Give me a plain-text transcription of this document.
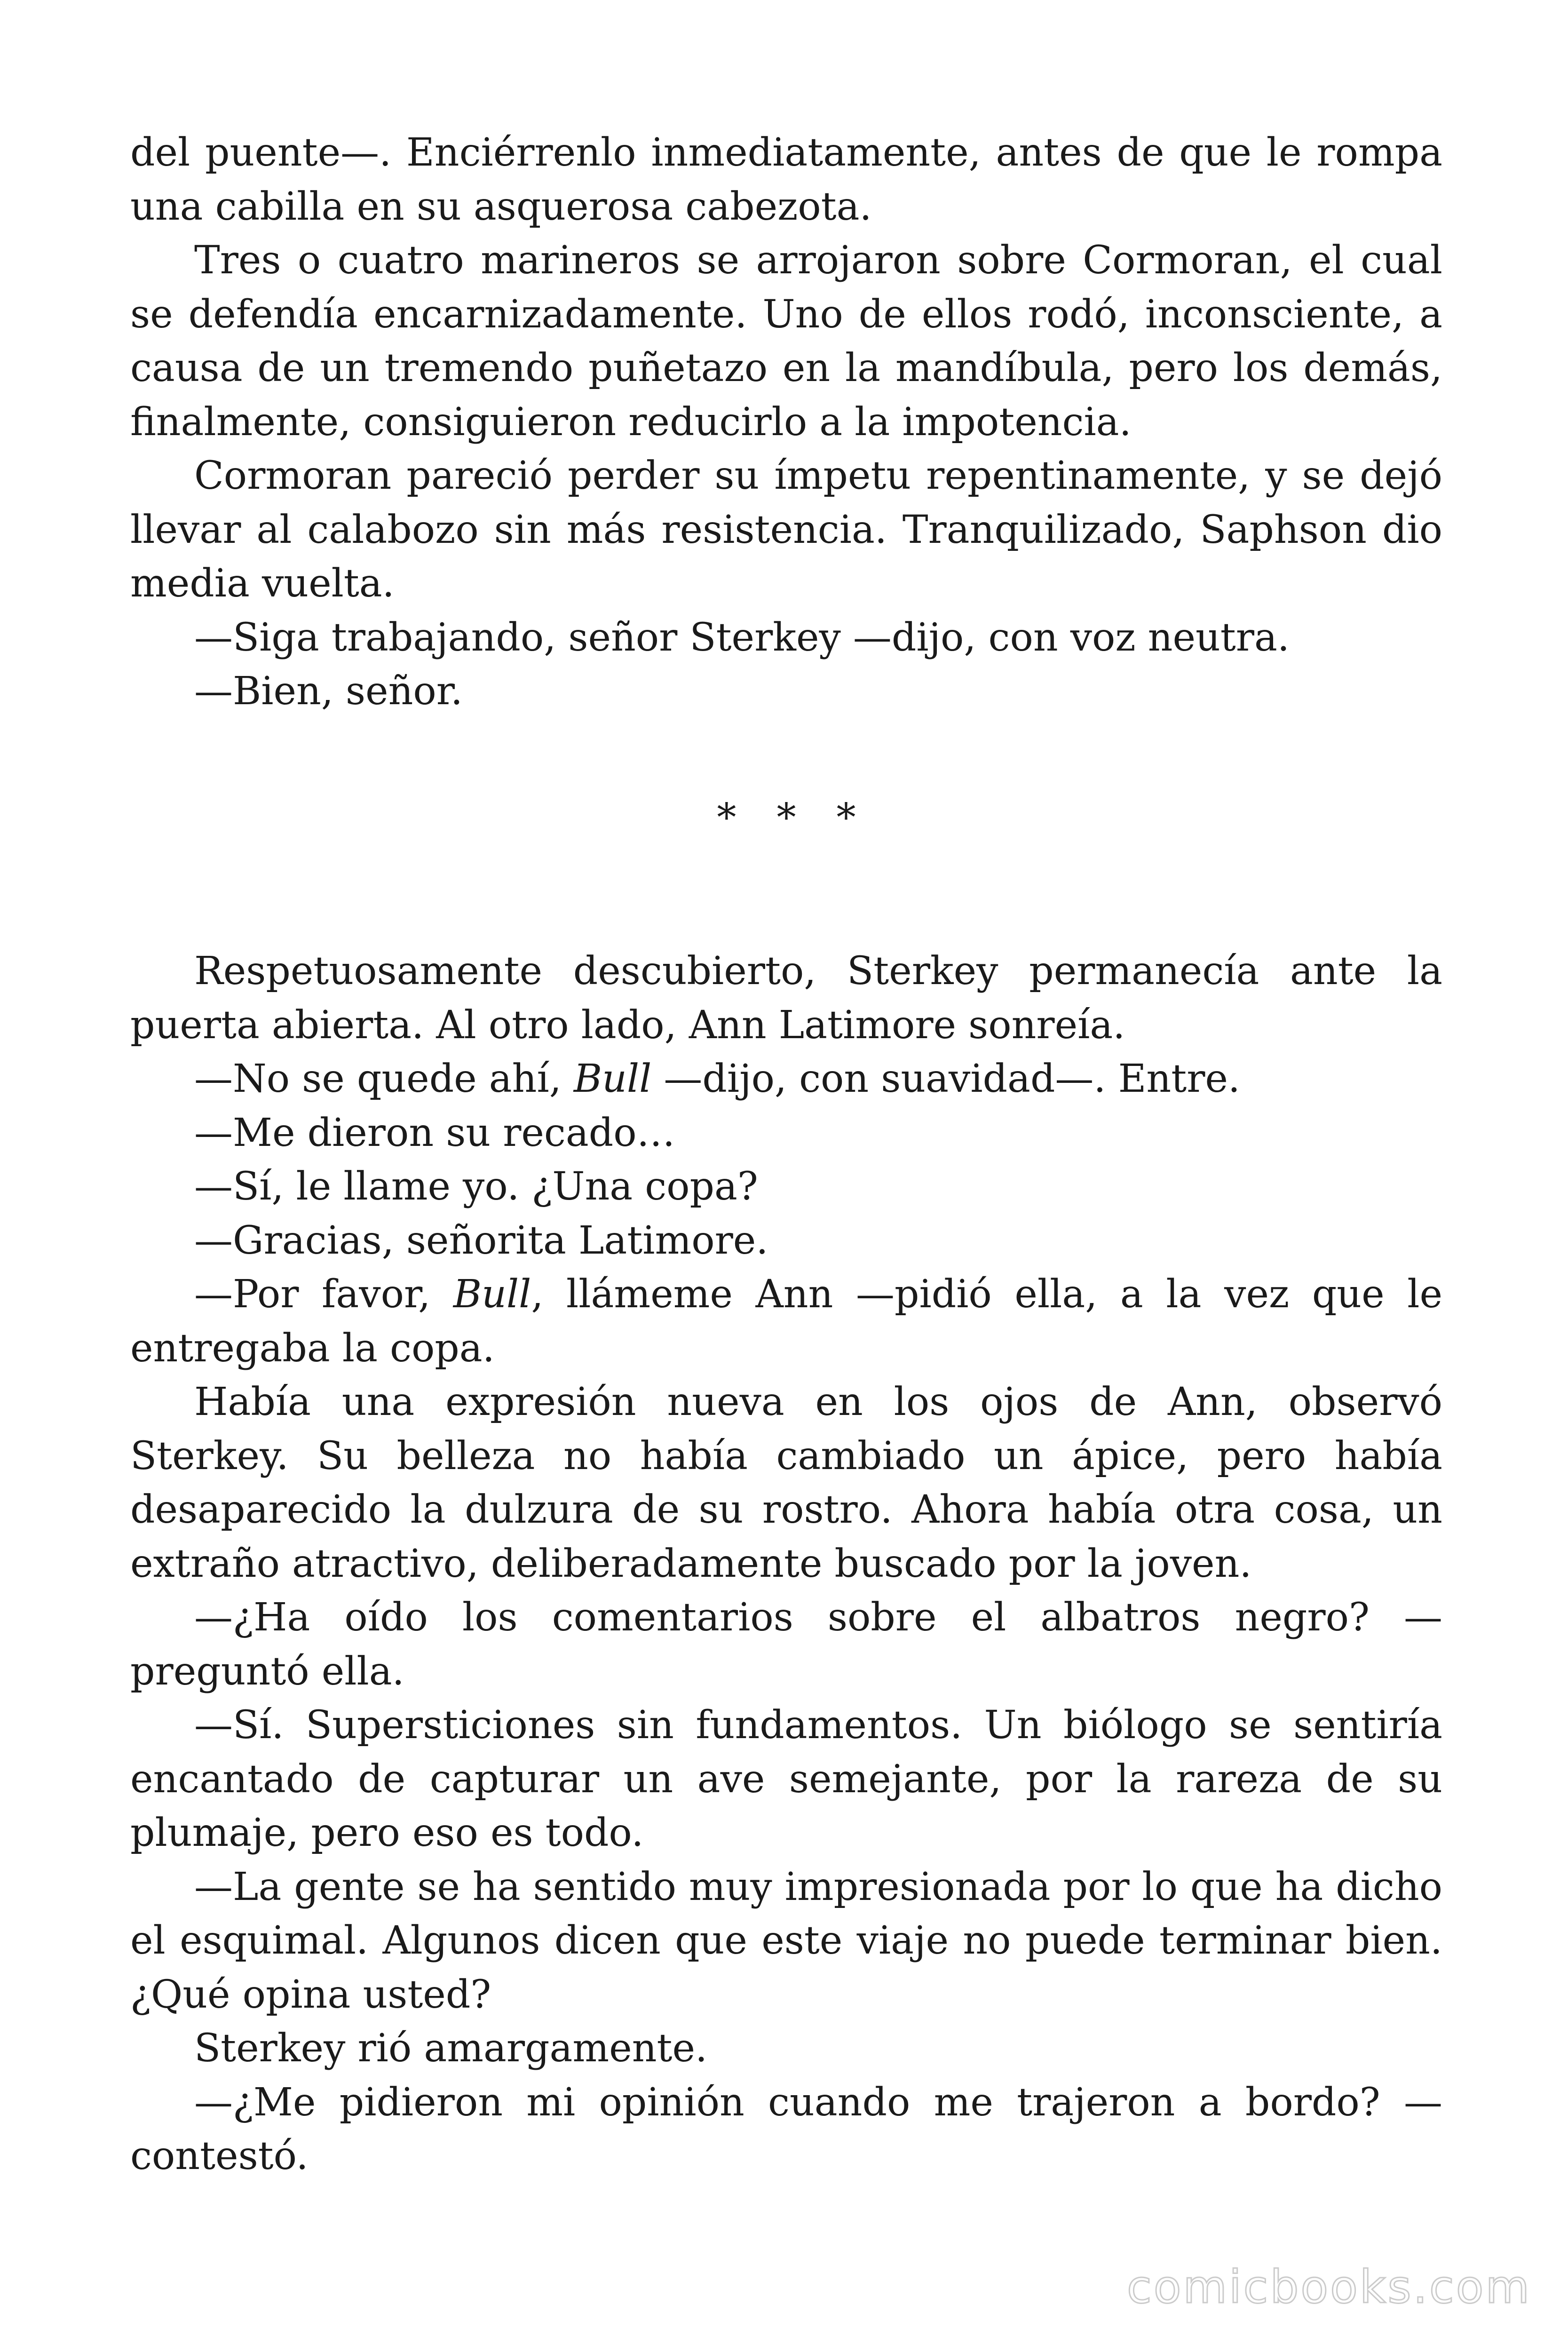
del puente—. Enciérrenlo inmediatamente, antes de que le rompa una cabilla en su asquerosa cabezota.

Tres o cuatro marineros se arrojaron sobre Cormoran, el cual se defendía encarnizadamente. Uno de ellos rodó, inconsciente, a causa de un tremendo puñetazo en la mandíbula, pero los demás, finalmente, consiguieron reducirlo a la impotencia.

Cormoran pareció perder su ímpetu repentinamente, y se dejó llevar al calabozo sin más resistencia. Tranquilizado, Saphson dio media vuelta.

—Siga trabajando, señor Sterkey —dijo, con voz neutra.

—Bien, señor.

* * *

Respetuosamente descubierto, Sterkey permanecía ante la puerta abierta. Al otro lado, Ann Latimore sonreía.

—No se quede ahí, Bull —dijo, con suavidad—. Entre.

—Me dieron su recado…

—Sí, le llame yo. ¿Una copa?

—Gracias, señorita Latimore.

—Por favor, Bull, llámeme Ann —pidió ella, a la vez que le entregaba la copa.

Había una expresión nueva en los ojos de Ann, observó Sterkey. Su belleza no había cambiado un ápice, pero había desaparecido la dulzura de su rostro. Ahora había otra cosa, un extraño atractivo, deliberadamente buscado por la joven.

—¿Ha oído los comentarios sobre el albatros negro? —preguntó ella.

—Sí. Supersticiones sin fundamentos. Un biólogo se sentiría encantado de capturar un ave semejante, por la rareza de su plumaje, pero eso es todo.

—La gente se ha sentido muy impresionada por lo que ha dicho el esquimal. Algunos dicen que este viaje no puede terminar bien. ¿Qué opina usted?

Sterkey rió amargamente.

—¿Me pidieron mi opinión cuando me trajeron a bordo? —contestó.

comicbooks.com
